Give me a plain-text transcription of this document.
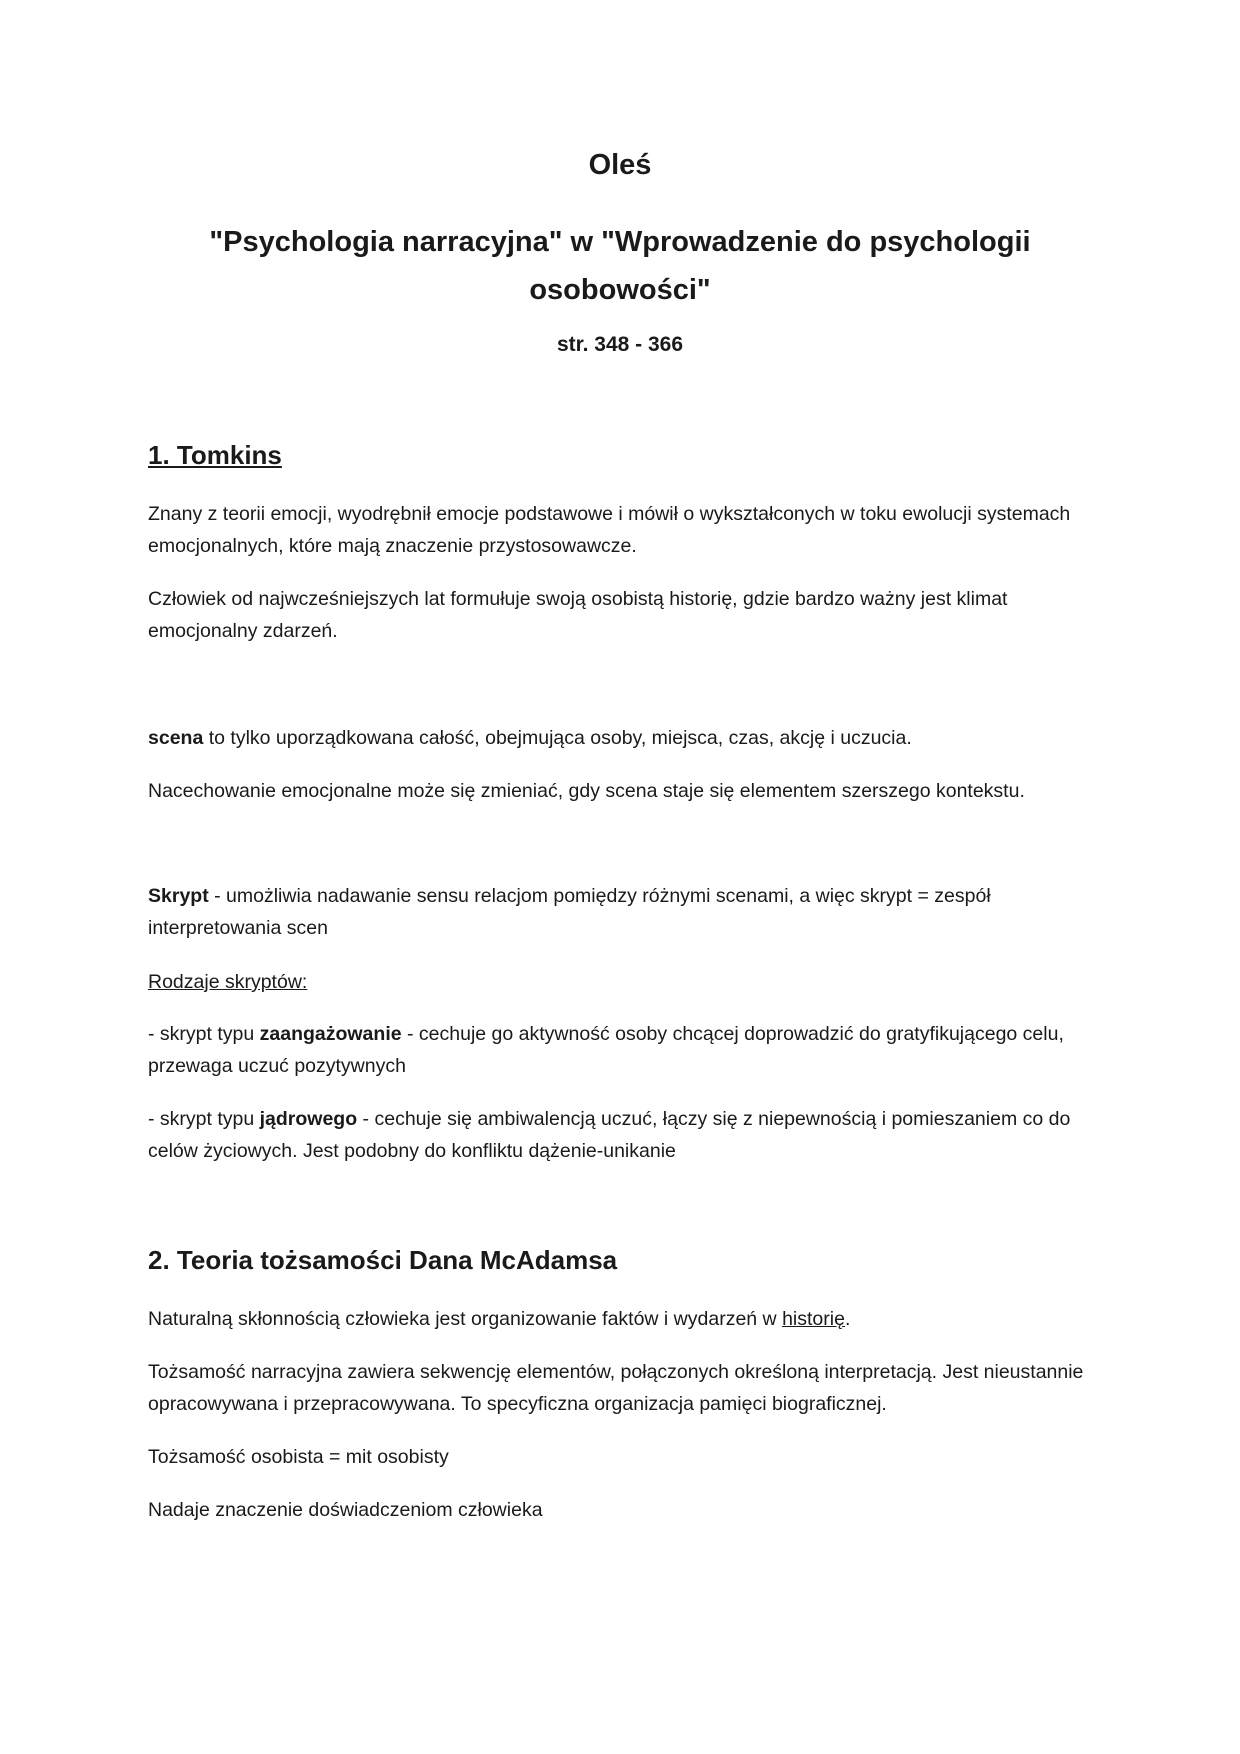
Oleś
"Psychologia narracyjna" w "Wprowadzenie do psychologii osobowości"

str. 348 - 366

1. Tomkins

Znany z teorii emocji, wyodrębnił emocje podstawowe i mówił o wykształconych w toku ewolucji systemach emocjonalnych, które mają znaczenie przystosowawcze.

Człowiek od najwcześniejszych lat formułuje swoją osobistą historię, gdzie bardzo ważny jest klimat emocjonalny zdarzeń.

scena to tylko uporządkowana całość, obejmująca osoby, miejsca, czas, akcję i uczucia.

Nacechowanie emocjonalne może się zmieniać, gdy scena staje się elementem szerszego kontekstu.

Skrypt - umożliwia nadawanie sensu relacjom pomiędzy różnymi scenami, a więc skrypt = zespół interpretowania scen

Rodzaje skryptów:

- skrypt typu zaangażowanie - cechuje go aktywność osoby chcącej doprowadzić do gratyfikującego celu, przewaga uczuć pozytywnych

- skrypt typu jądrowego - cechuje się ambiwalencją uczuć, łączy się z niepewnością i pomieszaniem co do celów życiowych. Jest podobny do konfliktu dążenie-unikanie

2. Teoria tożsamości Dana McAdamsa

Naturalną skłonnością człowieka jest organizowanie faktów i wydarzeń w historię.

Tożsamość narracyjna zawiera sekwencję elementów, połączonych określoną interpretacją. Jest nieustannie opracowywana i przepracowywana. To specyficzna organizacja pamięci biograficznej.

Tożsamość osobista = mit osobisty

Nadaje znaczenie doświadczeniom człowieka
